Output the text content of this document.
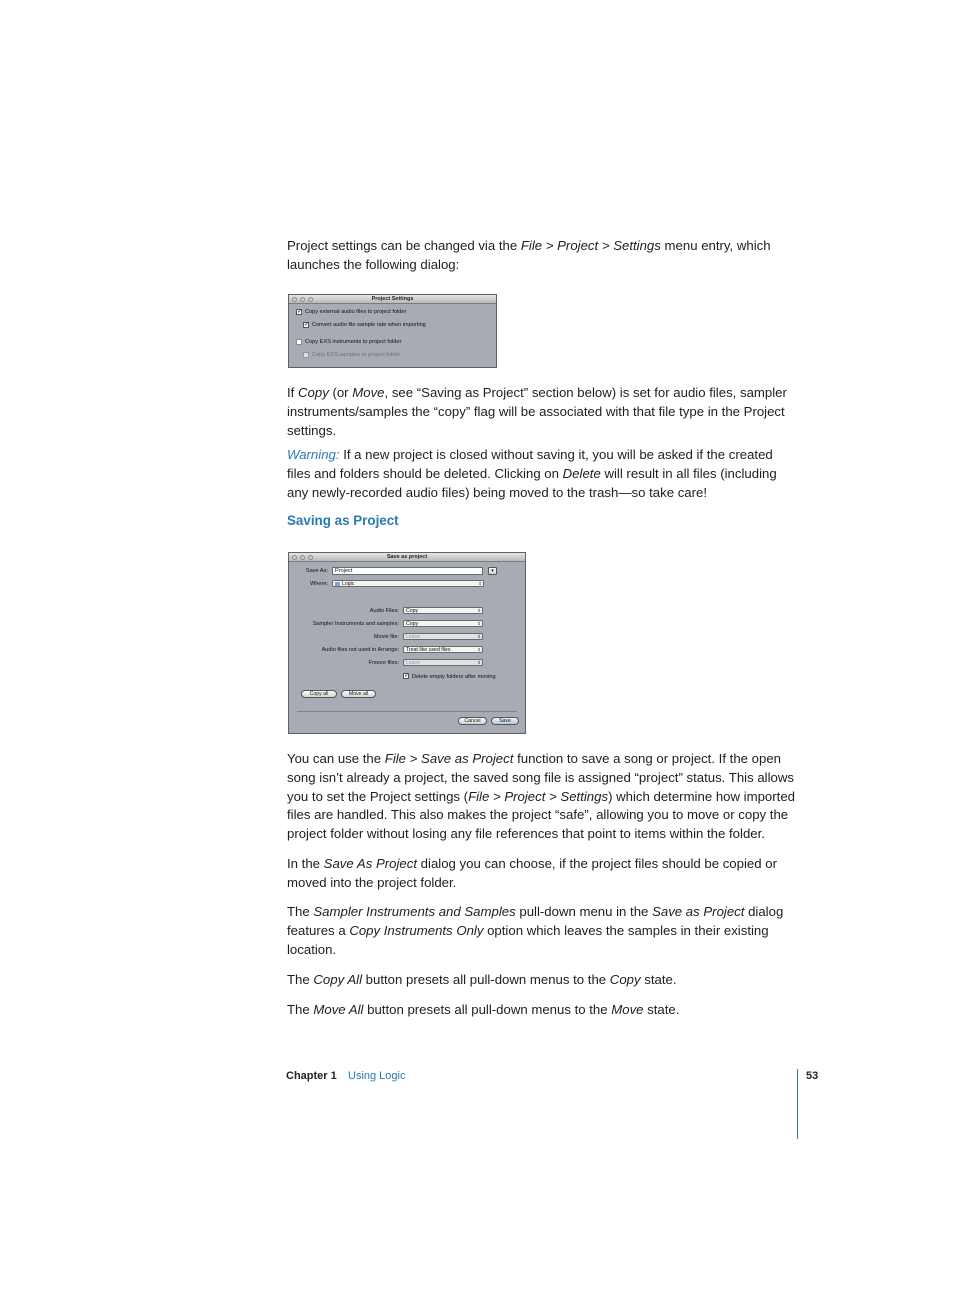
Project settings can be changed via the File > Project > Settings menu entry, which launches the following dialog:

Project Settings
✓ Copy external audio files to project folder
✓ Convert audio file sample rate when importing
Copy EXS instruments to project folder
Copy EXS samples to project folder

If Copy (or Move, see “Saving as Project” section below) is set for audio files, sampler instruments/samples the “copy” flag will be associated with that file type in the Project settings.

Warning: If a new project is closed without saving it, you will be asked if the created files and folders should be deleted. Clicking on Delete will result in all files (including any newly-recorded audio files) being moved to the trash—so take care!

Saving as Project
Save as project
Save As:	Project	▾
Where:	Logic	⇕
Audio Files:	Copy	⇕
Sampler Instruments and samples:	Copy	⇕
Movie file:	Leave	⇕
Audio files not used in Arrange:	Treat like used files	⇕
Freeze files:	Leave	⇕
✓ Delete empty folders after moving
Copy all	Move all
Cancel	Save

You can use the File > Save as Project function to save a song or project. If the open song isn’t already a project, the saved song file is assigned “project” status. This allows you to set the Project settings (File > Project > Settings) which determine how imported files are handled. This also makes the project “safe”, allowing you to move or copy the project folder without losing any file references that point to items within the folder.

In the Save As Project dialog you can choose, if the project files should be copied or moved into the project folder.

The Sampler Instruments and Samples pull-down menu in the Save as Project dialog features a Copy Instruments Only option which leaves the samples in their existing location.

The Copy All button presets all pull-down menus to the Copy state.

The Move All button presets all pull-down menus to the Move state.

Chapter 1 Using Logic	53
